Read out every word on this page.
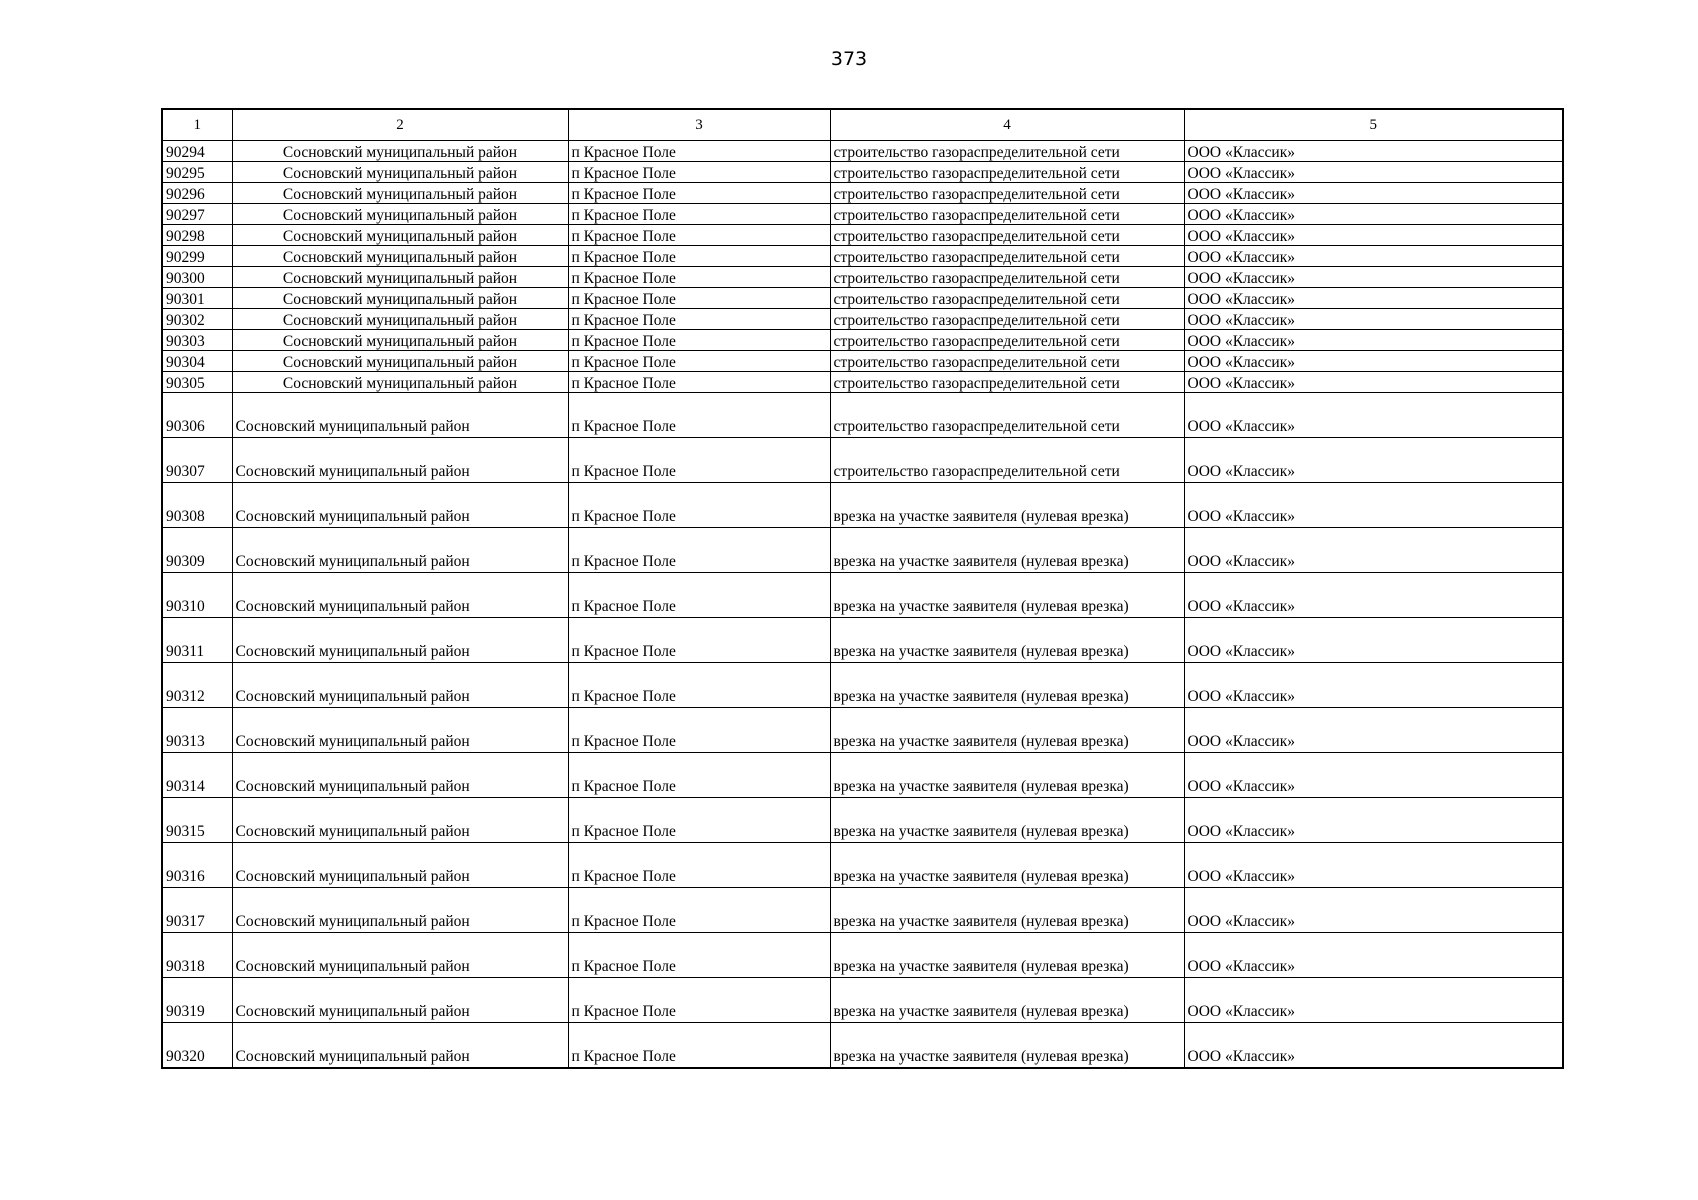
373
1	2	3	4	5
90294	Сосновский муниципальный район	п Красное Поле	строительство газораспределительной сети	ООО «Классик»
90295	Сосновский муниципальный район	п Красное Поле	строительство газораспределительной сети	ООО «Классик»
90296	Сосновский муниципальный район	п Красное Поле	строительство газораспределительной сети	ООО «Классик»
90297	Сосновский муниципальный район	п Красное Поле	строительство газораспределительной сети	ООО «Классик»
90298	Сосновский муниципальный район	п Красное Поле	строительство газораспределительной сети	ООО «Классик»
90299	Сосновский муниципальный район	п Красное Поле	строительство газораспределительной сети	ООО «Классик»
90300	Сосновский муниципальный район	п Красное Поле	строительство газораспределительной сети	ООО «Классик»
90301	Сосновский муниципальный район	п Красное Поле	строительство газораспределительной сети	ООО «Классик»
90302	Сосновский муниципальный район	п Красное Поле	строительство газораспределительной сети	ООО «Классик»
90303	Сосновский муниципальный район	п Красное Поле	строительство газораспределительной сети	ООО «Классик»
90304	Сосновский муниципальный район	п Красное Поле	строительство газораспределительной сети	ООО «Классик»
90305	Сосновский муниципальный район	п Красное Поле	строительство газораспределительной сети	ООО «Классик»
90306	Сосновский муниципальный район	п Красное Поле	строительство газораспределительной сети	ООО «Классик»
90307	Сосновский муниципальный район	п Красное Поле	строительство газораспределительной сети	ООО «Классик»
90308	Сосновский муниципальный район	п Красное Поле	врезка на участке заявителя (нулевая врезка)	ООО «Классик»
90309	Сосновский муниципальный район	п Красное Поле	врезка на участке заявителя (нулевая врезка)	ООО «Классик»
90310	Сосновский муниципальный район	п Красное Поле	врезка на участке заявителя (нулевая врезка)	ООО «Классик»
90311	Сосновский муниципальный район	п Красное Поле	врезка на участке заявителя (нулевая врезка)	ООО «Классик»
90312	Сосновский муниципальный район	п Красное Поле	врезка на участке заявителя (нулевая врезка)	ООО «Классик»
90313	Сосновский муниципальный район	п Красное Поле	врезка на участке заявителя (нулевая врезка)	ООО «Классик»
90314	Сосновский муниципальный район	п Красное Поле	врезка на участке заявителя (нулевая врезка)	ООО «Классик»
90315	Сосновский муниципальный район	п Красное Поле	врезка на участке заявителя (нулевая врезка)	ООО «Классик»
90316	Сосновский муниципальный район	п Красное Поле	врезка на участке заявителя (нулевая врезка)	ООО «Классик»
90317	Сосновский муниципальный район	п Красное Поле	врезка на участке заявителя (нулевая врезка)	ООО «Классик»
90318	Сосновский муниципальный район	п Красное Поле	врезка на участке заявителя (нулевая врезка)	ООО «Классик»
90319	Сосновский муниципальный район	п Красное Поле	врезка на участке заявителя (нулевая врезка)	ООО «Классик»
90320	Сосновский муниципальный район	п Красное Поле	врезка на участке заявителя (нулевая врезка)	ООО «Классик»
